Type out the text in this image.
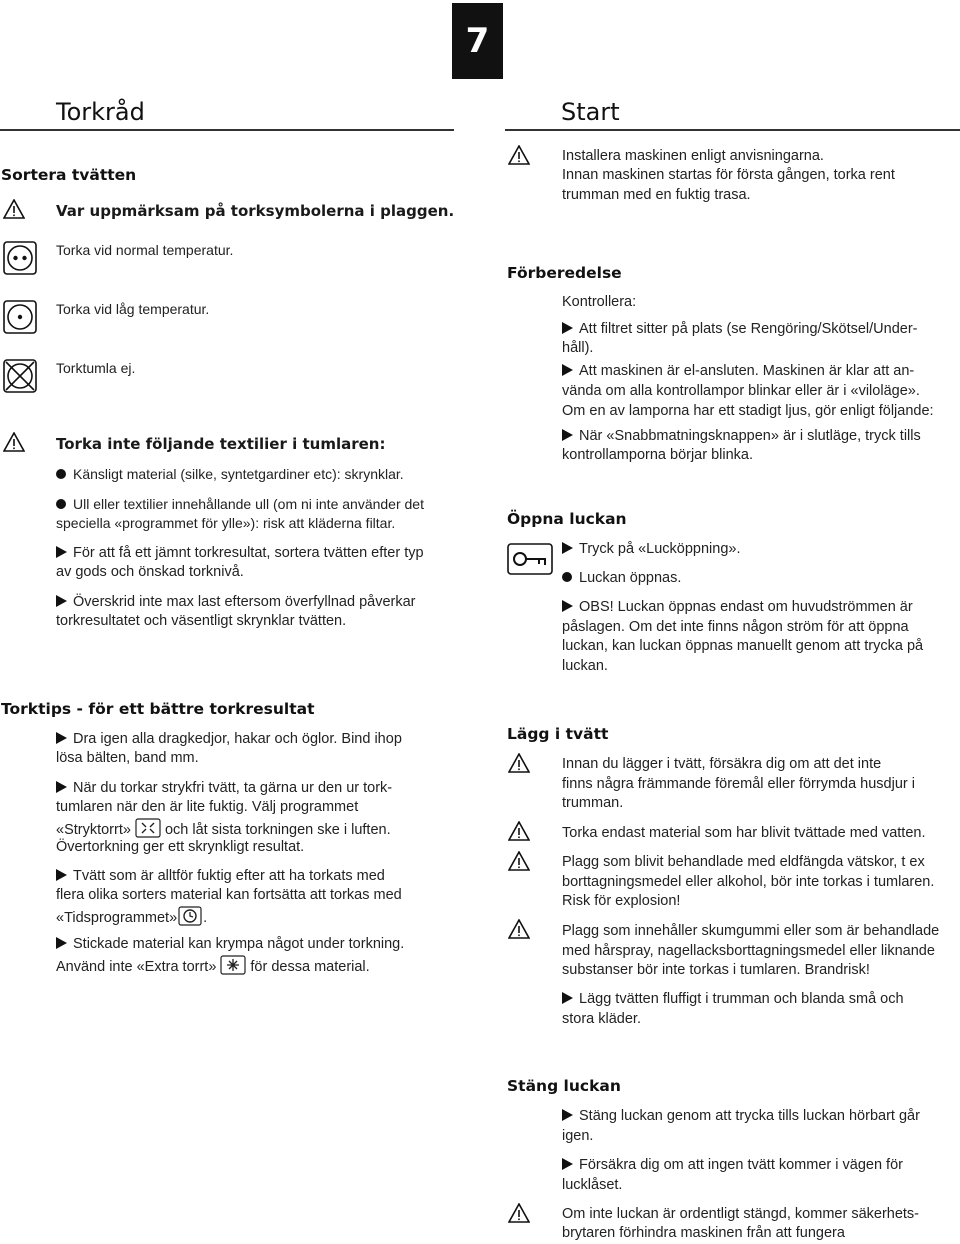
7
Torkråd
Sortera tvätten
Var uppmärksam på torksymbolerna i plaggen.
Torka vid normal temperatur.
Torka vid låg temperatur.
Torktumla ej.
Torka inte följande textilier i tumlaren:
Känsligt material (silke, syntetgardiner etc): skrynklar.
Ull eller textilier innehållande ull (om ni inte använder det
speciella «programmet för ylle»): risk att kläderna filtar.
För att få ett jämnt torkresultat, sortera tvätten efter typ
av gods och önskad torknivå.
Överskrid inte max last eftersom överfyllnad påverkar
torkresultatet och väsentligt skrynklar tvätten.
Torktips - för ett bättre torkresultat
Dra igen alla dragkedjor, hakar och öglor. Bind ihop
lösa bälten, band mm.
När du torkar strykfri tvätt, ta gärna ur den ur tork-
tumlaren när den är lite fuktig. Välj programmet
«Stryktorrt» och låt sista torkningen ske i luften.
Övertorkning ger ett skrynkligt resultat.
Tvätt som är alltför fuktig efter att ha torkats med
flera olika sorters material kan fortsätta att torkas med
«Tidsprogrammet» .
Stickade material kan krympa något under torkning.
Använd inte «Extra torrt» för dessa material.
Start
Installera maskinen enligt anvisningarna.
Innan maskinen startas för första gången, torka rent
trumman med en fuktig trasa.
Förberedelse
Kontrollera:
Att filtret sitter på plats (se Rengöring/Skötsel/Under-
håll).
Att maskinen är el-ansluten. Maskinen är klar att an-
vända om alla kontrollampor blinkar eller är i «viloläge».
Om en av lamporna har ett stadigt ljus, gör enligt följande:
När «Snabbmatningsknappen» är i slutläge, tryck tills
kontrollamporna börjar blinka.
Öppna luckan
Tryck på «Lucköppning».
Luckan öppnas.
OBS! Luckan öppnas endast om huvudströmmen är
påslagen. Om det inte finns någon ström för att öppna
luckan, kan luckan öppnas manuellt genom att trycka på
luckan.
Lägg i tvätt
Innan du lägger i tvätt, försäkra dig om att det inte
finns några främmande föremål eller förrymda husdjur i
trumman.
Torka endast material som har blivit tvättade med vatten.
Plagg som blivit behandlade med eldfängda vätskor, t ex
borttagningsmedel eller alkohol, bör inte torkas i tumlaren.
Risk för explosion!
Plagg som innehåller skumgummi eller som är behandlade
med hårspray, nagellacksborttagningsmedel eller liknande
substanser bör inte torkas i tumlaren. Brandrisk!
Lägg tvätten fluffigt i trumman och blanda små och
stora kläder.
Stäng luckan
Stäng luckan genom att trycka tills luckan hörbart går
igen.
Försäkra dig om att ingen tvätt kommer i vägen för
lucklåset.
Om inte luckan är ordentligt stängd, kommer säkerhets-
brytaren förhindra maskinen från att fungera
